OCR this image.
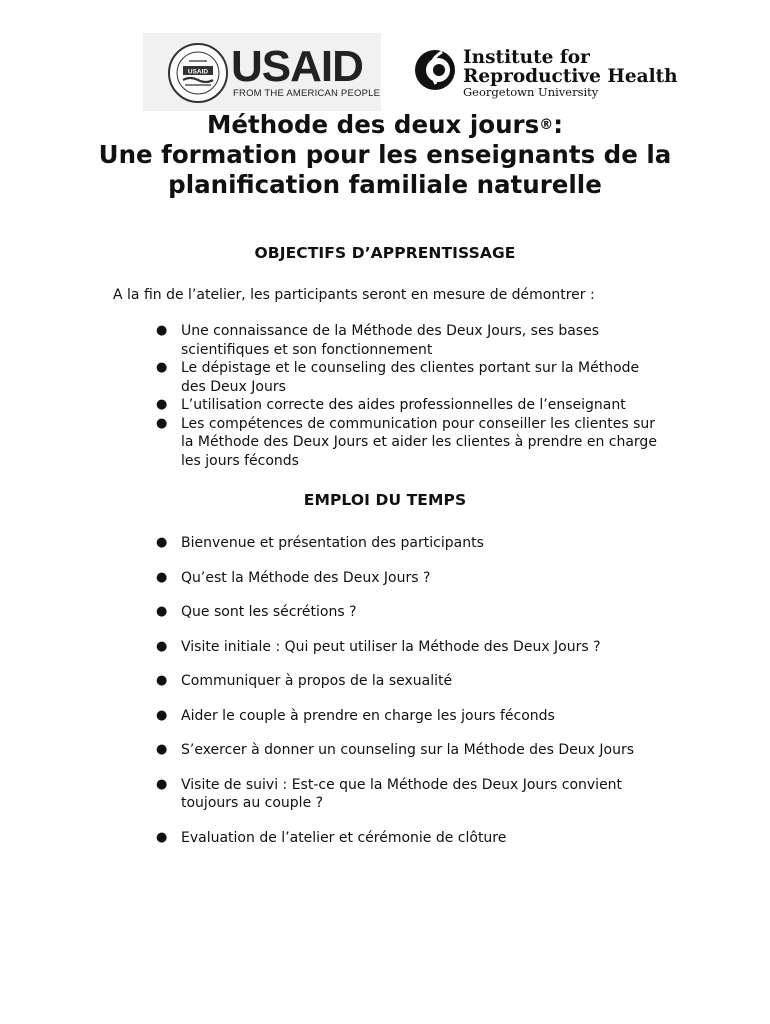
USAID USAID
FROM THE AMERICAN PEOPLE
Institute for
Reproductive Health
Georgetown University
Méthode des deux jours®:
Une formation pour les enseignants de la
planification familiale naturelle
OBJECTIFS D’APPRENTISSAGE
A la fin de l’atelier, les participants seront en mesure de démontrer :
● Une connaissance de la Méthode des Deux Jours, ses bases scientifiques et son fonctionnement
● Le dépistage et le counseling des clientes portant sur la Méthode des Deux Jours
● L’utilisation correcte des aides professionnelles de l’enseignant
● Les compétences de communication pour conseiller les clientes sur la Méthode des Deux Jours et aider les clientes à prendre en charge les jours féconds
EMPLOI DU TEMPS
● Bienvenue et présentation des participants
● Qu’est la Méthode des Deux Jours ?
● Que sont les sécrétions ?
● Visite initiale : Qui peut utiliser la Méthode des Deux Jours ?
● Communiquer à propos de la sexualité
● Aider le couple à prendre en charge les jours féconds
● S’exercer à donner un counseling sur la Méthode des Deux Jours
● Visite de suivi : Est-ce que la Méthode des Deux Jours convient toujours au couple ?
● Evaluation de l’atelier et cérémonie de clôture
